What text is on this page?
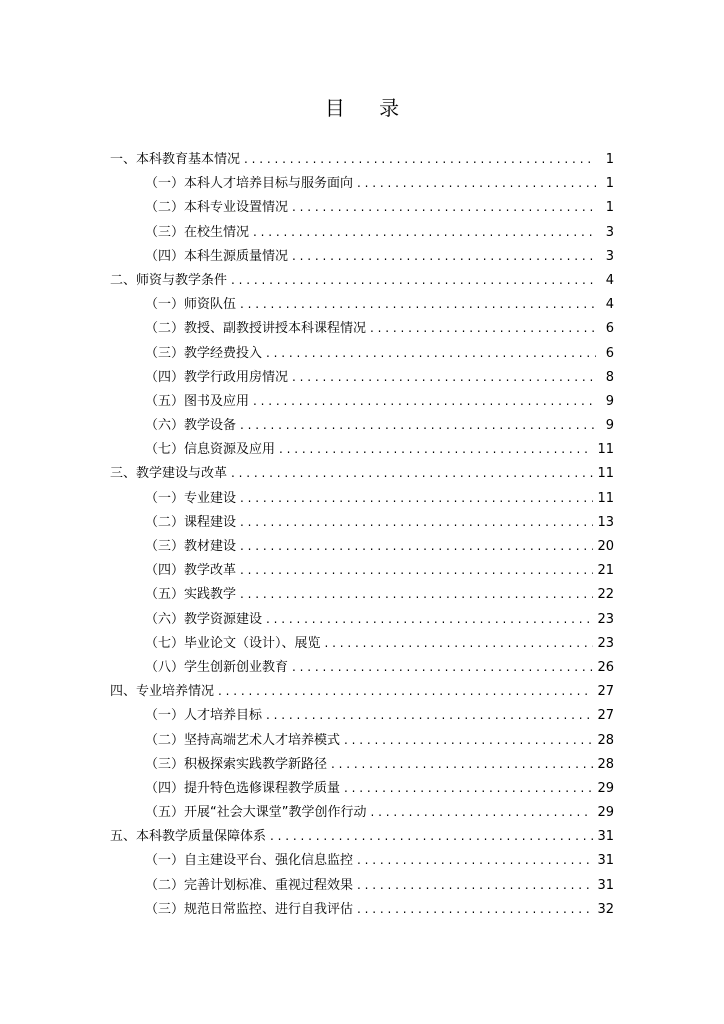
目 录
一、本科教育基本情况 . . .	1
（一）本科人才培养目标与服务面向 . . .	1
（二）本科专业设置情况 . . .	1
（三）在校生情况 . . .	3
（四）本科生源质量情况 . . .	3
二、师资与教学条件 . . .	4
（一）师资队伍 . . .	4
（二）教授、副教授讲授本科课程情况 . . .	6
（三）教学经费投入 . . .	6
（四）教学行政用房情况 . . .	8
（五）图书及应用 . . .	9
（六）教学设备 . . .	9
（七）信息资源及应用 . . .	11
三、教学建设与改革 . . .	11
（一）专业建设 . . .	11
（二）课程建设 . . .	13
（三）教材建设 . . .	20
（四）教学改革 . . .	21
（五）实践教学 . . .	22
（六）教学资源建设 . . .	23
（七）毕业论文（设计）、展览 . . .	23
（八）学生创新创业教育 . . .	26
四、专业培养情况 . . .	27
（一）人才培养目标 . . .	27
（二）坚持高端艺术人才培养模式 . . .	28
（三）积极探索实践教学新路径 . . .	28
（四）提升特色选修课程教学质量 . . .	29
（五）开展“社会大课堂”教学创作行动 . . .	29
五、本科教学质量保障体系 . . .	31
（一）自主建设平台、强化信息监控 . . .	31
（二）完善计划标准、重视过程效果 . . .	31
（三）规范日常监控、进行自我评估 . . .	32
